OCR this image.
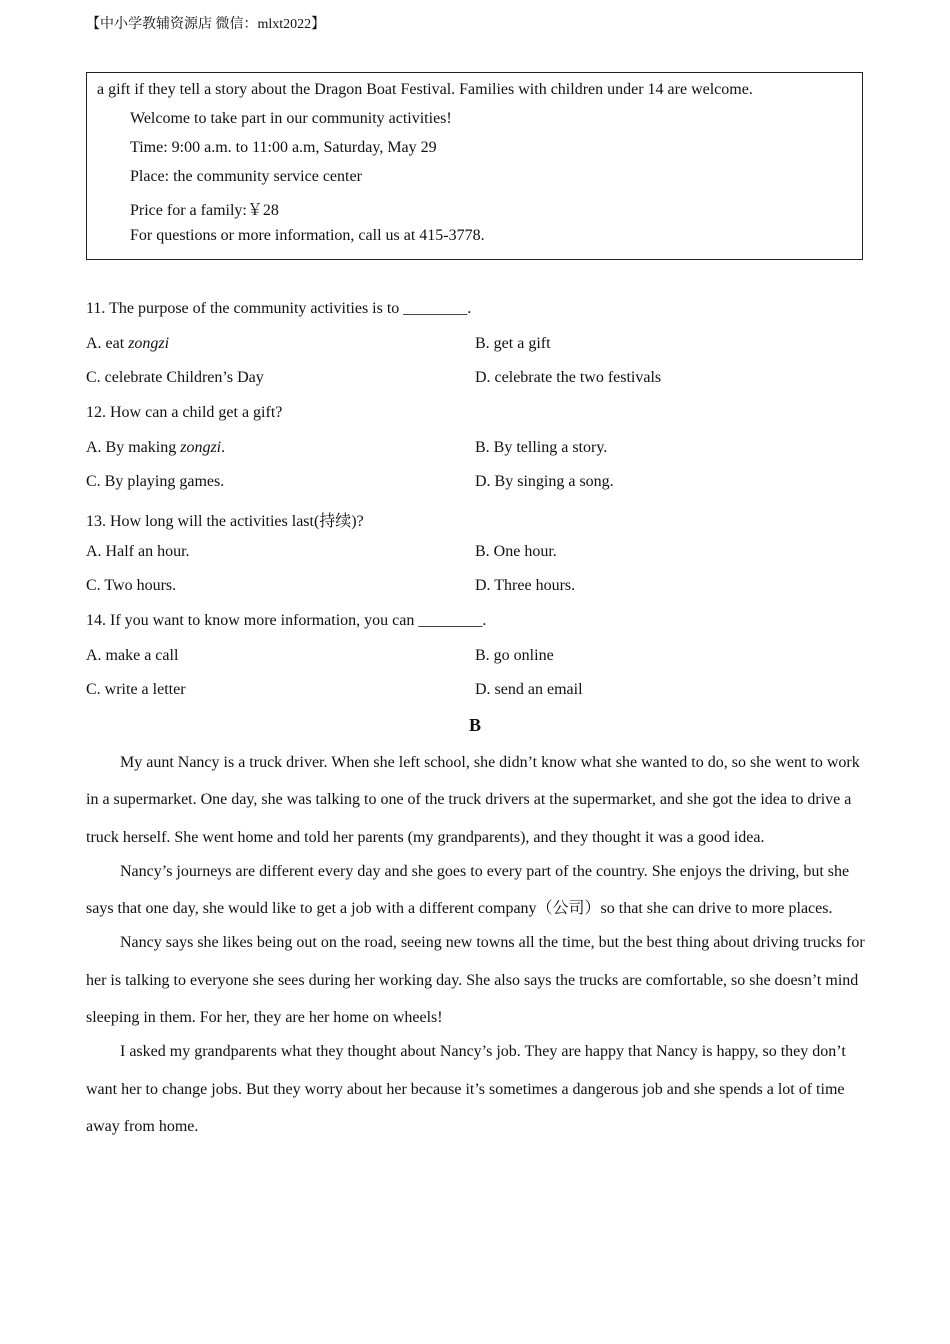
【中小学教辅资源店 微信：mlxt2022】
a gift if they tell a story about the Dragon Boat Festival. Families with children under 14 are welcome.
Welcome to take part in our community activities!
Time: 9:00 a.m. to 11:00 a.m, Saturday, May 29
Place: the community service center
Price for a family:￥28
For questions or more information, call us at 415-3778.
11. The purpose of the community activities is to ________.
A. eat zongzi	B. get a gift
C. celebrate Children’s Day	D. celebrate the two festivals
12. How can a child get a gift?
A. By making zongzi.	B. By telling a story.
C. By playing games.	D. By singing a song.
13. How long will the activities last(持续)?
A. Half an hour.	B. One hour.
C. Two hours.	D. Three hours.
14. If you want to know more information, you can ________.
A. make a call	B. go online
C. write a letter	D. send an email
B

My aunt Nancy is a truck driver. When she left school, she didn’t know what she wanted to do, so she went to work in a supermarket. One day, she was talking to one of the truck drivers at the supermarket, and she got the idea to drive a truck herself. She went home and told her parents (my grandparents), and they thought it was a good idea.

Nancy’s journeys are different every day and she goes to every part of the country. She enjoys the driving, but she says that one day, she would like to get a job with a different company（公司）so that she can drive to more places.

Nancy says she likes being out on the road, seeing new towns all the time, but the best thing about driving trucks for her is talking to everyone she sees during her working day. She also says the trucks are comfortable, so she doesn’t mind sleeping in them. For her, they are her home on wheels!

I asked my grandparents what they thought about Nancy’s job. They are happy that Nancy is happy, so they don’t want her to change jobs. But they worry about her because it’s sometimes a dangerous job and she spends a lot of time away from home.
